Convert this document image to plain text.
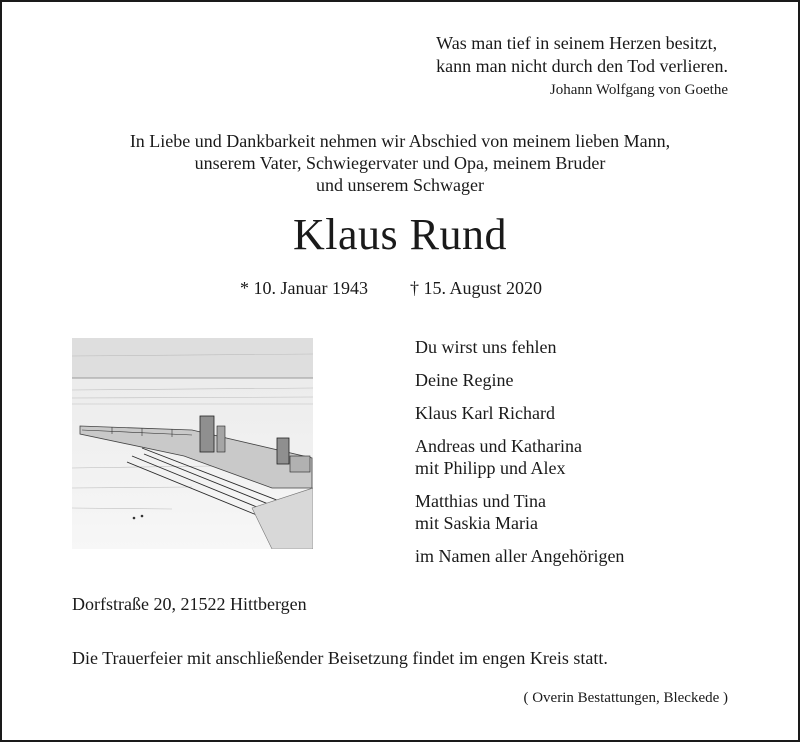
Was man tief in seinem Herzen besitzt,
kann man nicht durch den Tod verlieren.
Johann Wolfgang von Goethe
In Liebe und Dankbarkeit nehmen wir Abschied von meinem lieben Mann,
unserem Vater, Schwiegervater und Opa, meinem Bruder
und unserem Schwager
Klaus Rund
* 10. Januar 1943 † 15. August 2020
Du wirst uns fehlen
Deine Regine
Klaus Karl Richard
Andreas und Katharina
mit Philipp und Alex
Matthias und Tina
mit Saskia Maria
im Namen aller Angehörigen
Dorfstraße 20, 21522 Hittbergen
Die Trauerfeier mit anschließender Beisetzung findet im engen Kreis statt.
( Overin Bestattungen, Bleckede )
